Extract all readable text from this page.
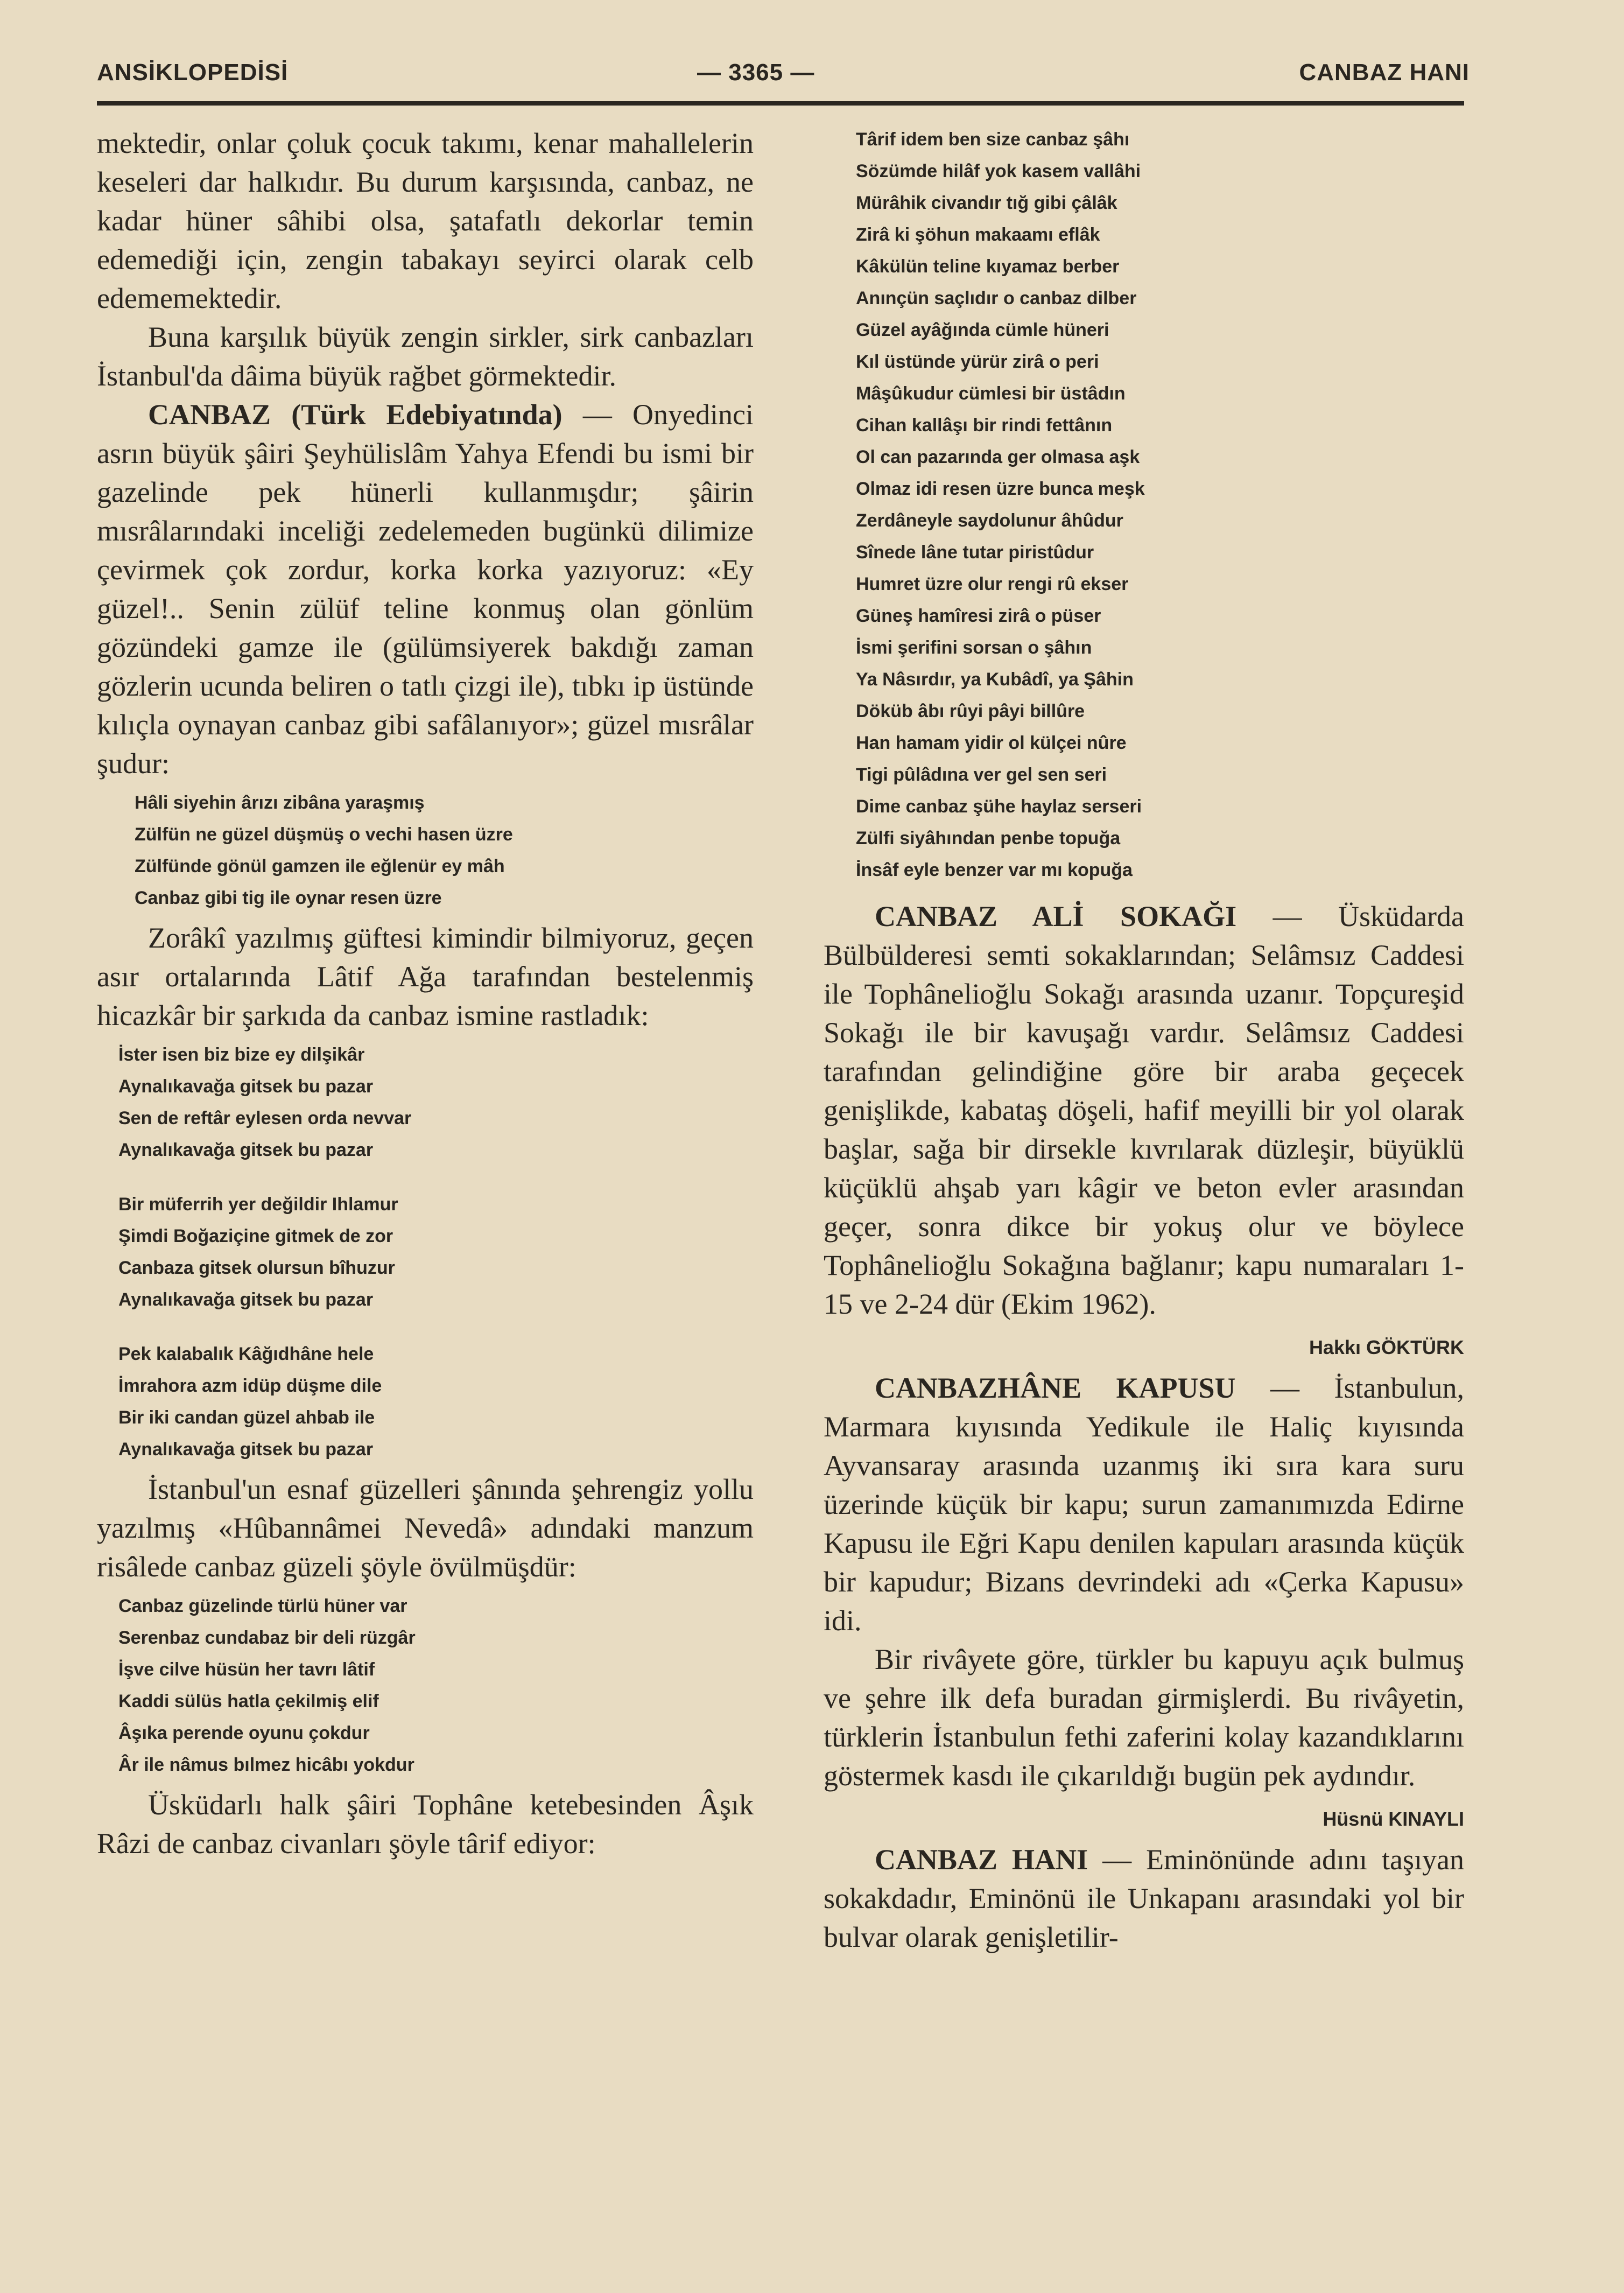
ANSİKLOPEDİSİ	— 3365 —	CANBAZ HANI

mektedir, onlar çoluk çocuk takımı, kenar mahallelerin keseleri dar halkıdır. Bu durum karşısında, canbaz, ne kadar hüner sâhibi olsa, şatafatlı dekorlar temin edemediği için, zengin tabakayı seyirci olarak celb edememektedir.

Buna karşılık büyük zengin sirkler, sirk canbazları İstanbul'da dâima büyük rağbet görmektedir.

CANBAZ (Türk Edebiyatında) — Onyedinci asrın büyük şâiri Şeyhülislâm Yahya Efendi bu ismi bir gazelinde pek hünerli kullanmışdır; şâirin mısrâlarındaki inceliği zedelemeden bugünkü dilimize çevirmek çok zordur, korka korka yazıyoruz: «Ey güzel!.. Senin zülüf teline konmuş olan gönlüm gözündeki gamze ile (gülümsiyerek bakdığı zaman gözlerin ucunda beliren o tatlı çizgi ile), tıbkı ip üstünde kılıçla oynayan canbaz gibi safâlanıyor»; güzel mısrâlar şudur:

Hâli siyehin ârızı zibâna yaraşmış
Zülfün ne güzel düşmüş o vechi hasen üzre
Zülfünde gönül gamzen ile eğlenür ey mâh
Canbaz gibi tig ile oynar resen üzre

Zorâkî yazılmış güftesi kimindir bilmiyoruz, geçen asır ortalarında Lâtif Ağa tarafından bestelenmiş hicazkâr bir şarkıda da canbaz ismine rastladık:

İster isen biz bize ey dilşikâr
Aynalıkavağa gitsek bu pazar
Sen de reftâr eylesen orda nevvar
Aynalıkavağa gitsek bu pazar
Bir müferrih yer değildir Ihlamur
Şimdi Boğaziçine gitmek de zor
Canbaza gitsek olursun bîhuzur
Aynalıkavağa gitsek bu pazar
Pek kalabalık Kâğıdhâne hele
İmrahora azm idüp düşme dile
Bir iki candan güzel ahbab ile
Aynalıkavağa gitsek bu pazar

İstanbul'un esnaf güzelleri şânında şehrengiz yollu yazılmış «Hûbannâmei Nevedâ» adındaki manzum risâlede canbaz güzeli şöyle övülmüşdür:

Canbaz güzelinde türlü hüner var
Serenbaz cundabaz bir deli rüzgâr
İşve cilve hüsün her tavrı lâtif
Kaddi sülüs hatla çekilmiş elif
Âşıka perende oyunu çokdur
Âr ile nâmus bılmez hicâbı yokdur

Üsküdarlı halk şâiri Tophâne ketebesinden Âşık Râzi de canbaz civanları şöyle târif ediyor:

Târif idem ben size canbaz şâhı
Sözümde hilâf yok kasem vallâhi
Mürâhik civandır tığ gibi çâlâk
Zirâ ki şöhun makaamı eflâk
Kâkülün teline kıyamaz berber
Anınçün saçlıdır o canbaz dilber
Güzel ayâğında cümle hüneri
Kıl üstünde yürür zirâ o peri
Mâşûkudur cümlesi bir üstâdın
Cihan kallâşı bir rindi fettânın
Ol can pazarında ger olmasa aşk
Olmaz idi resen üzre bunca meşk
Zerdâneyle saydolunur âhûdur
Sînede lâne tutar piristûdur
Humret üzre olur rengi rû ekser
Güneş hamîresi zirâ o püser
İsmi şerifini sorsan o şâhın
Ya Nâsırdır, ya Kubâdî, ya Şâhin
Döküb âbı rûyi pâyi billûre
Han hamam yidir ol külçei nûre
Tigi pûlâdına ver gel sen seri
Dime canbaz şühe haylaz serseri
Zülfi siyâhından penbe topuğa
İnsâf eyle benzer var mı kopuğa

CANBAZ ALİ SOKAĞI — Üsküdarda Bülbülderesi semti sokaklarından; Selâmsız Caddesi ile Tophânelioğlu Sokağı arasında uzanır. Topçureşid Sokağı ile bir kavuşağı vardır. Selâmsız Caddesi tarafından gelindiğine göre bir araba geçecek genişlikde, kabataş döşeli, hafif meyilli bir yol olarak başlar, sağa bir dirsekle kıvrılarak düzleşir, büyüklü küçüklü ahşab yarı kâgir ve beton evler arasından geçer, sonra dikce bir yokuş olur ve böylece Tophânelioğlu Sokağına bağlanır; kapu numaraları 1-15 ve 2-24 dür (Ekim 1962).

Hakkı GÖKTÜRK

CANBAZHÂNE KAPUSU — İstanbulun, Marmara kıyısında Yedikule ile Haliç kıyısında Ayvansaray arasında uzanmış iki sıra kara suru üzerinde küçük bir kapu; surun zamanımızda Edirne Kapusu ile Eğri Kapu denilen kapuları arasında küçük bir kapudur; Bizans devrindeki adı «Çerka Kapusu» idi.

Bir rivâyete göre, türkler bu kapuyu açık bulmuş ve şehre ilk defa buradan girmişlerdi. Bu rivâyetin, türklerin İstanbulun fethi zaferini kolay kazandıklarını göstermek kasdı ile çıkarıldığı bugün pek aydındır.

Hüsnü KINAYLI

CANBAZ HANI — Eminönünde adını taşıyan sokakdadır, Eminönü ile Unkapanı arasındaki yol bir bulvar olarak genişletilir-
